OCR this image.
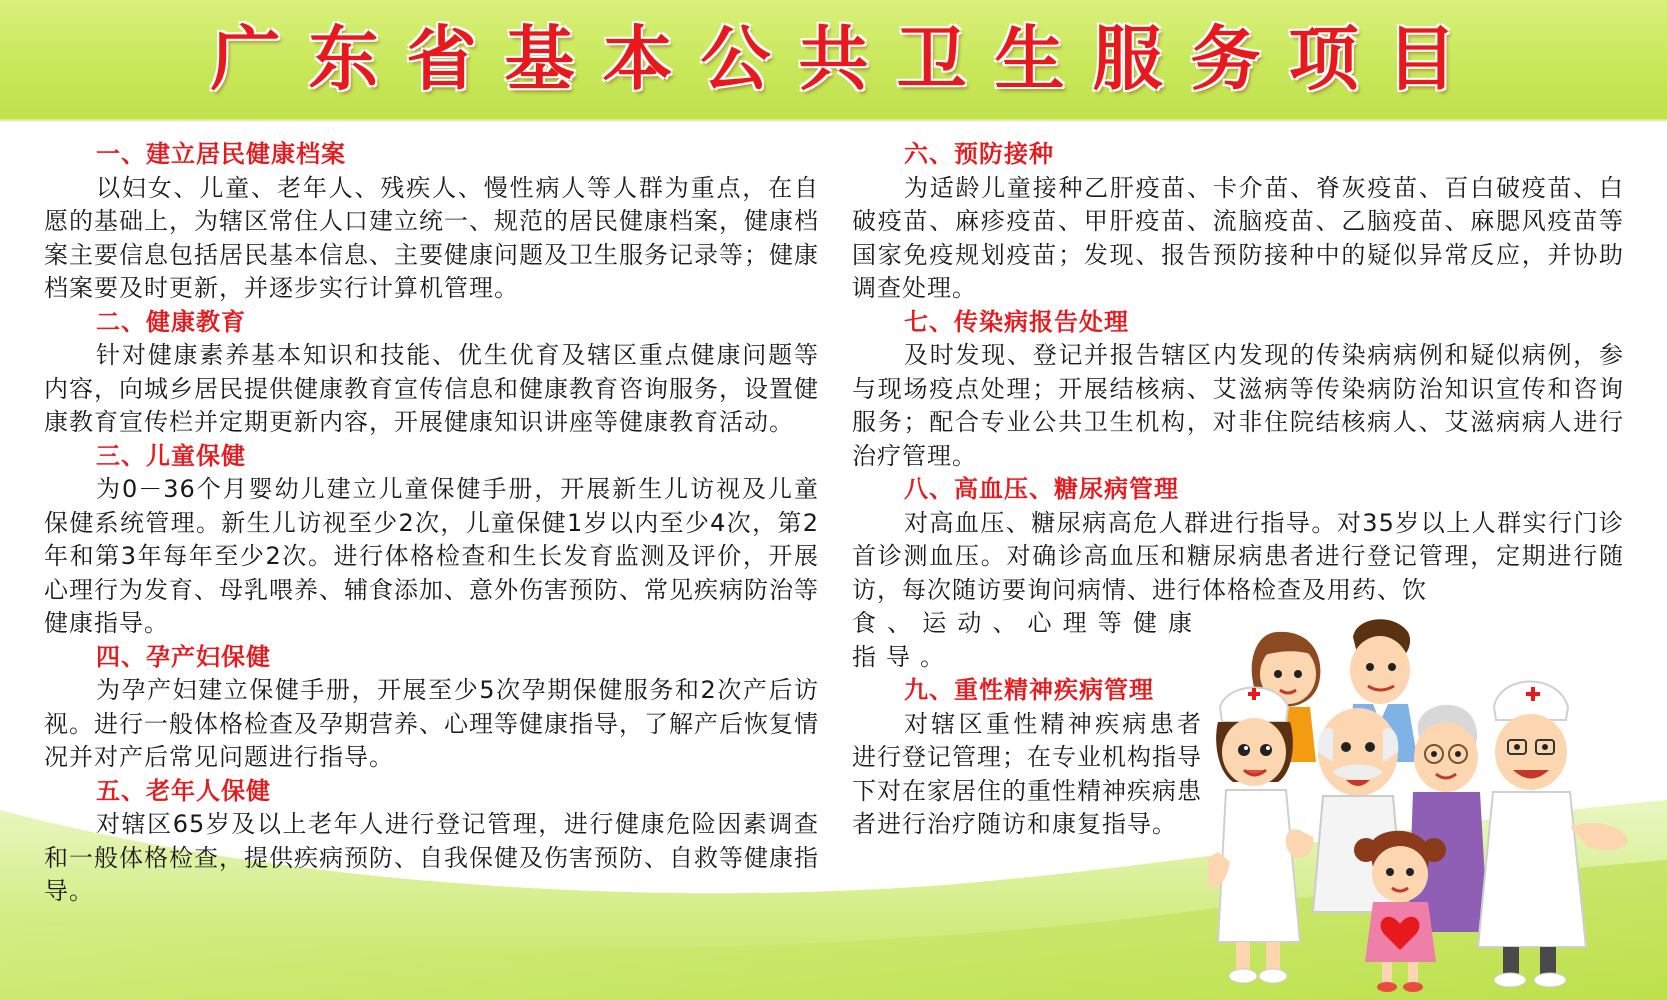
广东省基本公共卫生服务项目

一、建立居民健康档案

以妇女、儿童、老年人、残疾人、慢性病人等人群为重点，在自愿的基础上，为辖区常住人口建立统一、规范的居民健康档案，健康档案主要信息包括居民基本信息、主要健康问题及卫生服务记录等；健康档案要及时更新，并逐步实行计算机管理。

二、健康教育

针对健康素养基本知识和技能、优生优育及辖区重点健康问题等内容，向城乡居民提供健康教育宣传信息和健康教育咨询服务，设置健康教育宣传栏并定期更新内容，开展健康知识讲座等健康教育活动。

三、儿童保健

为0－36个月婴幼儿建立儿童保健手册，开展新生儿访视及儿童保健系统管理。新生儿访视至少2次，儿童保健1岁以内至少4次，第2年和第3年每年至少2次。进行体格检查和生长发育监测及评价，开展心理行为发育、母乳喂养、辅食添加、意外伤害预防、常见疾病防治等健康指导。

四、孕产妇保健

为孕产妇建立保健手册，开展至少5次孕期保健服务和2次产后访视。进行一般体格检查及孕期营养、心理等健康指导，了解产后恢复情况并对产后常见问题进行指导。

五、老年人保健

对辖区65岁及以上老年人进行登记管理，进行健康危险因素调查和一般体格检查，提供疾病预防、自我保健及伤害预防、自救等健康指导。

六、预防接种

为适龄儿童接种乙肝疫苗、卡介苗、脊灰疫苗、百白破疫苗、白破疫苗、麻疹疫苗、甲肝疫苗、流脑疫苗、乙脑疫苗、麻腮风疫苗等国家免疫规划疫苗；发现、报告预防接种中的疑似异常反应，并协助调查处理。

七、传染病报告处理

及时发现、登记并报告辖区内发现的传染病病例和疑似病例，参与现场疫点处理；开展结核病、艾滋病等传染病防治知识宣传和咨询服务；配合专业公共卫生机构，对非住院结核病人、艾滋病病人进行治疗管理。

八、高血压、糖尿病管理

对高血压、糖尿病高危人群进行指导。对35岁以上人群实行门诊首诊测血压。对确诊高血压和糖尿病患者进行登记管理，定期进行随访，每次随访要询问病情、进行体格检查及用药、饮

食、运动、心理等健康指导。

九、重性精神疾病管理

对辖区重性精神疾病患者进行登记管理；在专业机构指导下对在家居住的重性精神疾病患者进行治疗随访和康复指导。
